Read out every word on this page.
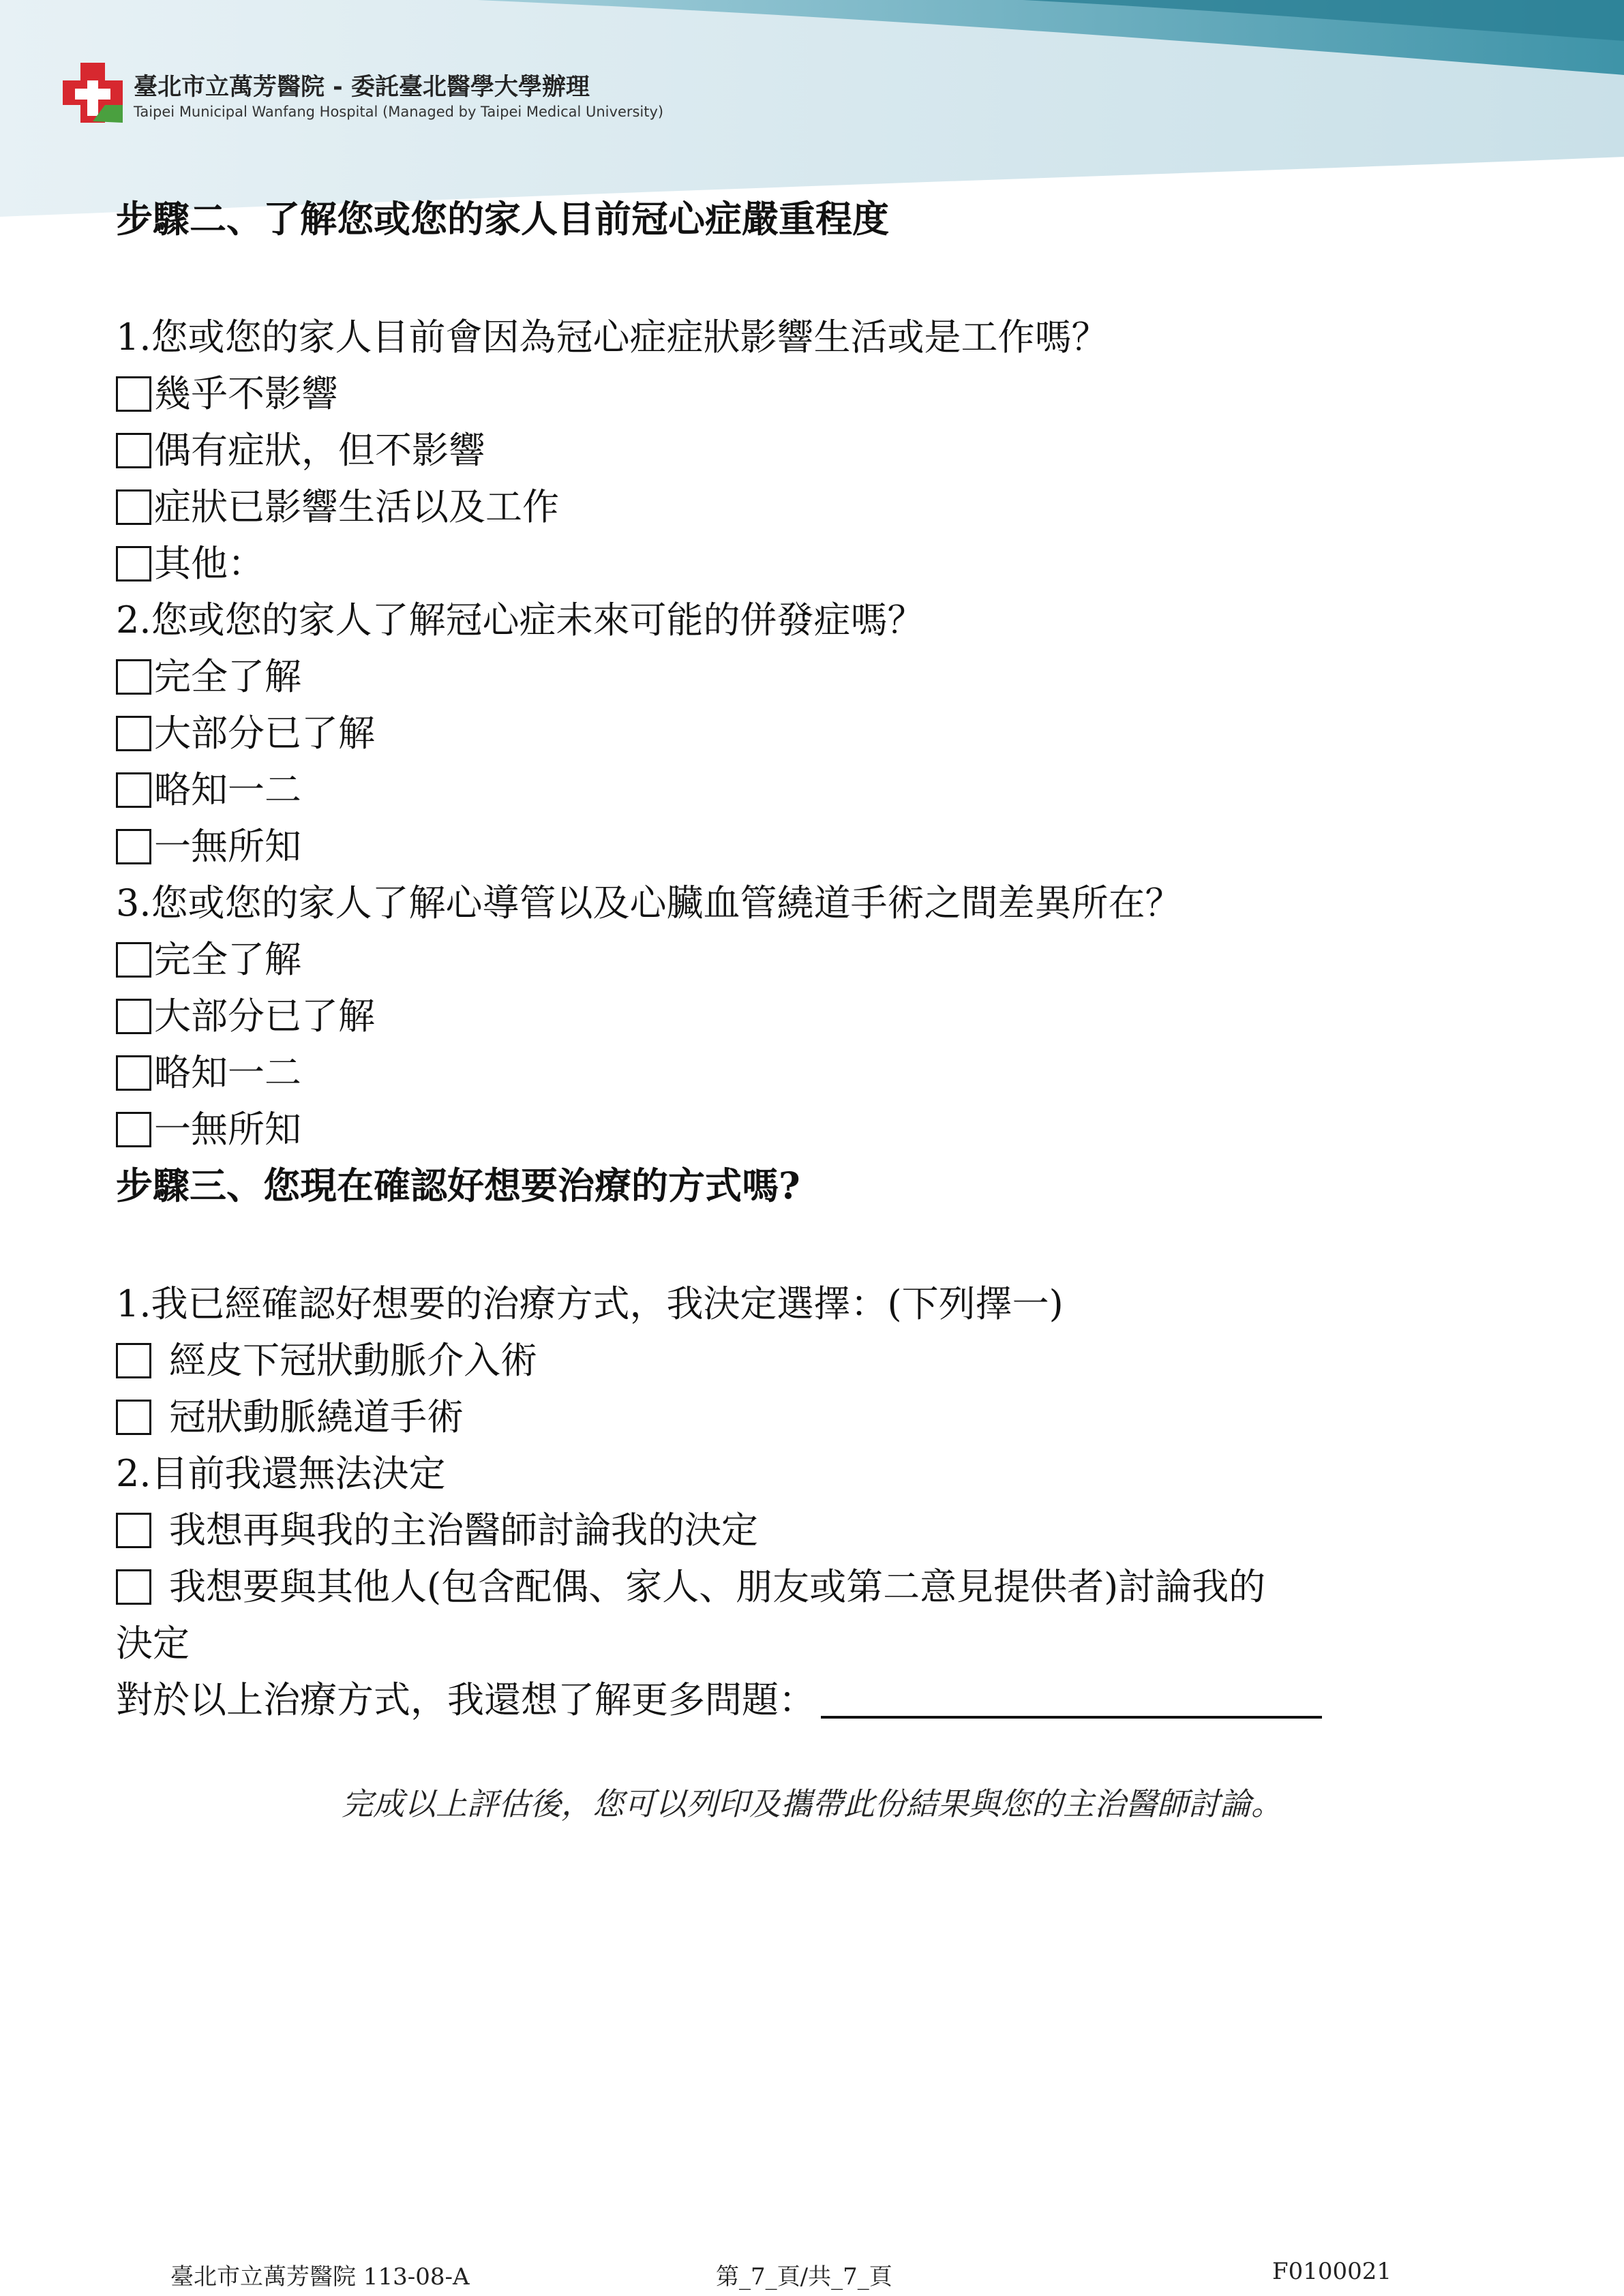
臺北市立萬芳醫院 - 委託臺北醫學大學辦理
Taipei Municipal Wanfang Hospital (Managed by Taipei Medical University)
步驟二、了解您或您的家人目前冠心症嚴重程度
1.您或您的家人目前會因為冠心症症狀影響生活或是工作嗎？
幾乎不影響
偶有症狀，但不影響
症狀已影響生活以及工作
其他：
2.您或您的家人了解冠心症未來可能的併發症嗎？
完全了解
大部分已了解
略知一二
一無所知
3.您或您的家人了解心導管以及心臟血管繞道手術之間差異所在？
完全了解
大部分已了解
略知一二
一無所知
步驟三、您現在確認好想要治療的方式嗎?
1.我已經確認好想要的治療方式，我決定選擇：(下列擇一)
經皮下冠狀動脈介入術
冠狀動脈繞道手術
2.目前我還無法決定
我想再與我的主治醫師討論我的決定
我想要與其他人(包含配偶、家人、朋友或第二意見提供者)討論我的
決定
對於以上治療方式，我還想了解更多問題：
完成以上評估後，您可以列印及攜帶此份結果與您的主治醫師討論。
臺北市立萬芳醫院 113-08-A	第_7_頁/共_7_頁	F0100021
